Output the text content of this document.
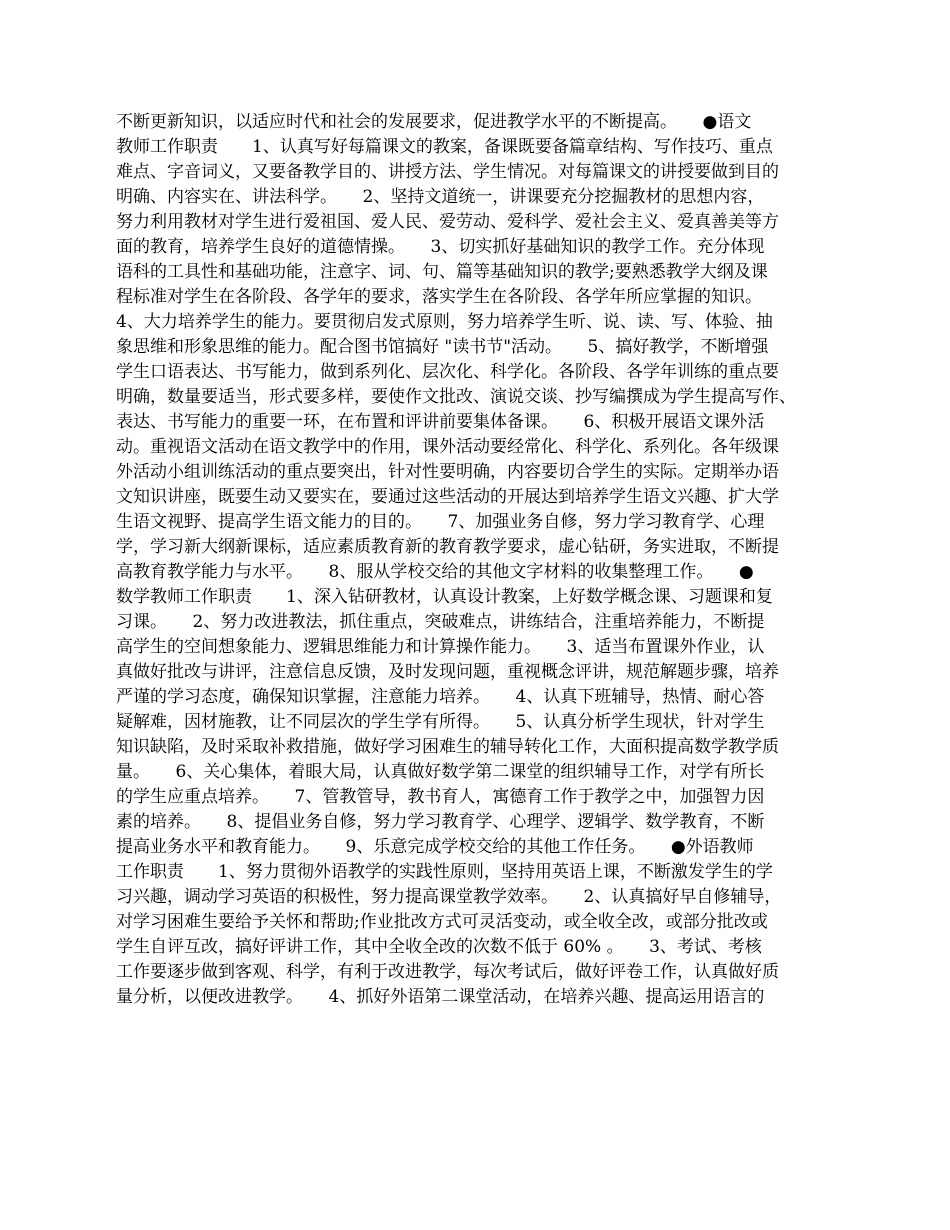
不断更新知识，以适应时代和社会的发展要求，促进教学水平的不断提高。　　●语文
教师工作职责　　1、认真写好每篇课文的教案，备课既要备篇章结构、写作技巧、重点
难点、字音词义，又要备教学目的、讲授方法、学生情况。对每篇课文的讲授要做到目的
明确、内容实在、讲法科学。　　2、坚持文道统一，讲课要充分挖掘教材的思想内容，
努力利用教材对学生进行爱祖国、爱人民、爱劳动、爱科学、爱社会主义、爱真善美等方
面的教育，培养学生良好的道德情操。　　3、切实抓好基础知识的教学工作。充分体现
语科的工具性和基础功能，注意字、词、句、篇等基础知识的教学;要熟悉教学大纲及课
程标准对学生在各阶段、各学年的要求，落实学生在各阶段、各学年所应掌握的知识。
4、大力培养学生的能力。要贯彻启发式原则，努力培养学生听、说、读、写、体验、抽
象思维和形象思维的能力。配合图书馆搞好 "读书节"活动。　　5、搞好教学，不断增强
学生口语表达、书写能力，做到系列化、层次化、科学化。各阶段、各学年训练的重点要
明确，数量要适当，形式要多样，要使作文批改、演说交谈、抄写编撰成为学生提高写作、
表达、书写能力的重要一环，在布置和评讲前要集体备课。　　6、积极开展语文课外活
动。重视语文活动在语文教学中的作用，课外活动要经常化、科学化、系列化。各年级课
外活动小组训练活动的重点要突出，针对性要明确，内容要切合学生的实际。定期举办语
文知识讲座，既要生动又要实在，要通过这些活动的开展达到培养学生语文兴趣、扩大学
生语文视野、提高学生语文能力的目的。　　7、加强业务自修，努力学习教育学、心理
学，学习新大纲新课标，适应素质教育新的教育教学要求，虚心钻研，务实进取，不断提
高教育教学能力与水平。　　8、服从学校交给的其他文字材料的收集整理工作。　　●
数学教师工作职责　　1、深入钻研教材，认真设计教案，上好数学概念课、习题课和复
习课。　　2、努力改进教法，抓住重点，突破难点，讲练结合，注重培养能力，不断提
高学生的空间想象能力、逻辑思维能力和计算操作能力。　　3、适当布置课外作业，认
真做好批改与讲评，注意信息反馈，及时发现问题，重视概念评讲，规范解题步骤，培养
严谨的学习态度，确保知识掌握，注意能力培养。　　4、认真下班辅导，热情、耐心答
疑解难，因材施教，让不同层次的学生学有所得。　　5、认真分析学生现状，针对学生
知识缺陷，及时采取补救措施，做好学习困难生的辅导转化工作，大面积提高数学教学质
量。　　6、关心集体，着眼大局，认真做好数学第二课堂的组织辅导工作，对学有所长
的学生应重点培养。　　7、管教管导，教书育人，寓德育工作于教学之中，加强智力因
素的培养。　　8、提倡业务自修，努力学习教育学、心理学、逻辑学、数学教育，不断
提高业务水平和教育能力。　　9、乐意完成学校交给的其他工作任务。　　●外语教师
工作职责　　1、努力贯彻外语教学的实践性原则，坚持用英语上课，不断激发学生的学
习兴趣，调动学习英语的积极性，努力提高课堂教学效率。　　2、认真搞好早自修辅导，
对学习困难生要给予关怀和帮助;作业批改方式可灵活变动，或全收全改，或部分批改或
学生自评互改，搞好评讲工作，其中全收全改的次数不低于 60% 。　　3、考试、考核
工作要逐步做到客观、科学，有利于改进教学，每次考试后，做好评卷工作，认真做好质
量分析，以便改进教学。　　4、抓好外语第二课堂活动，在培养兴趣、提高运用语言的
